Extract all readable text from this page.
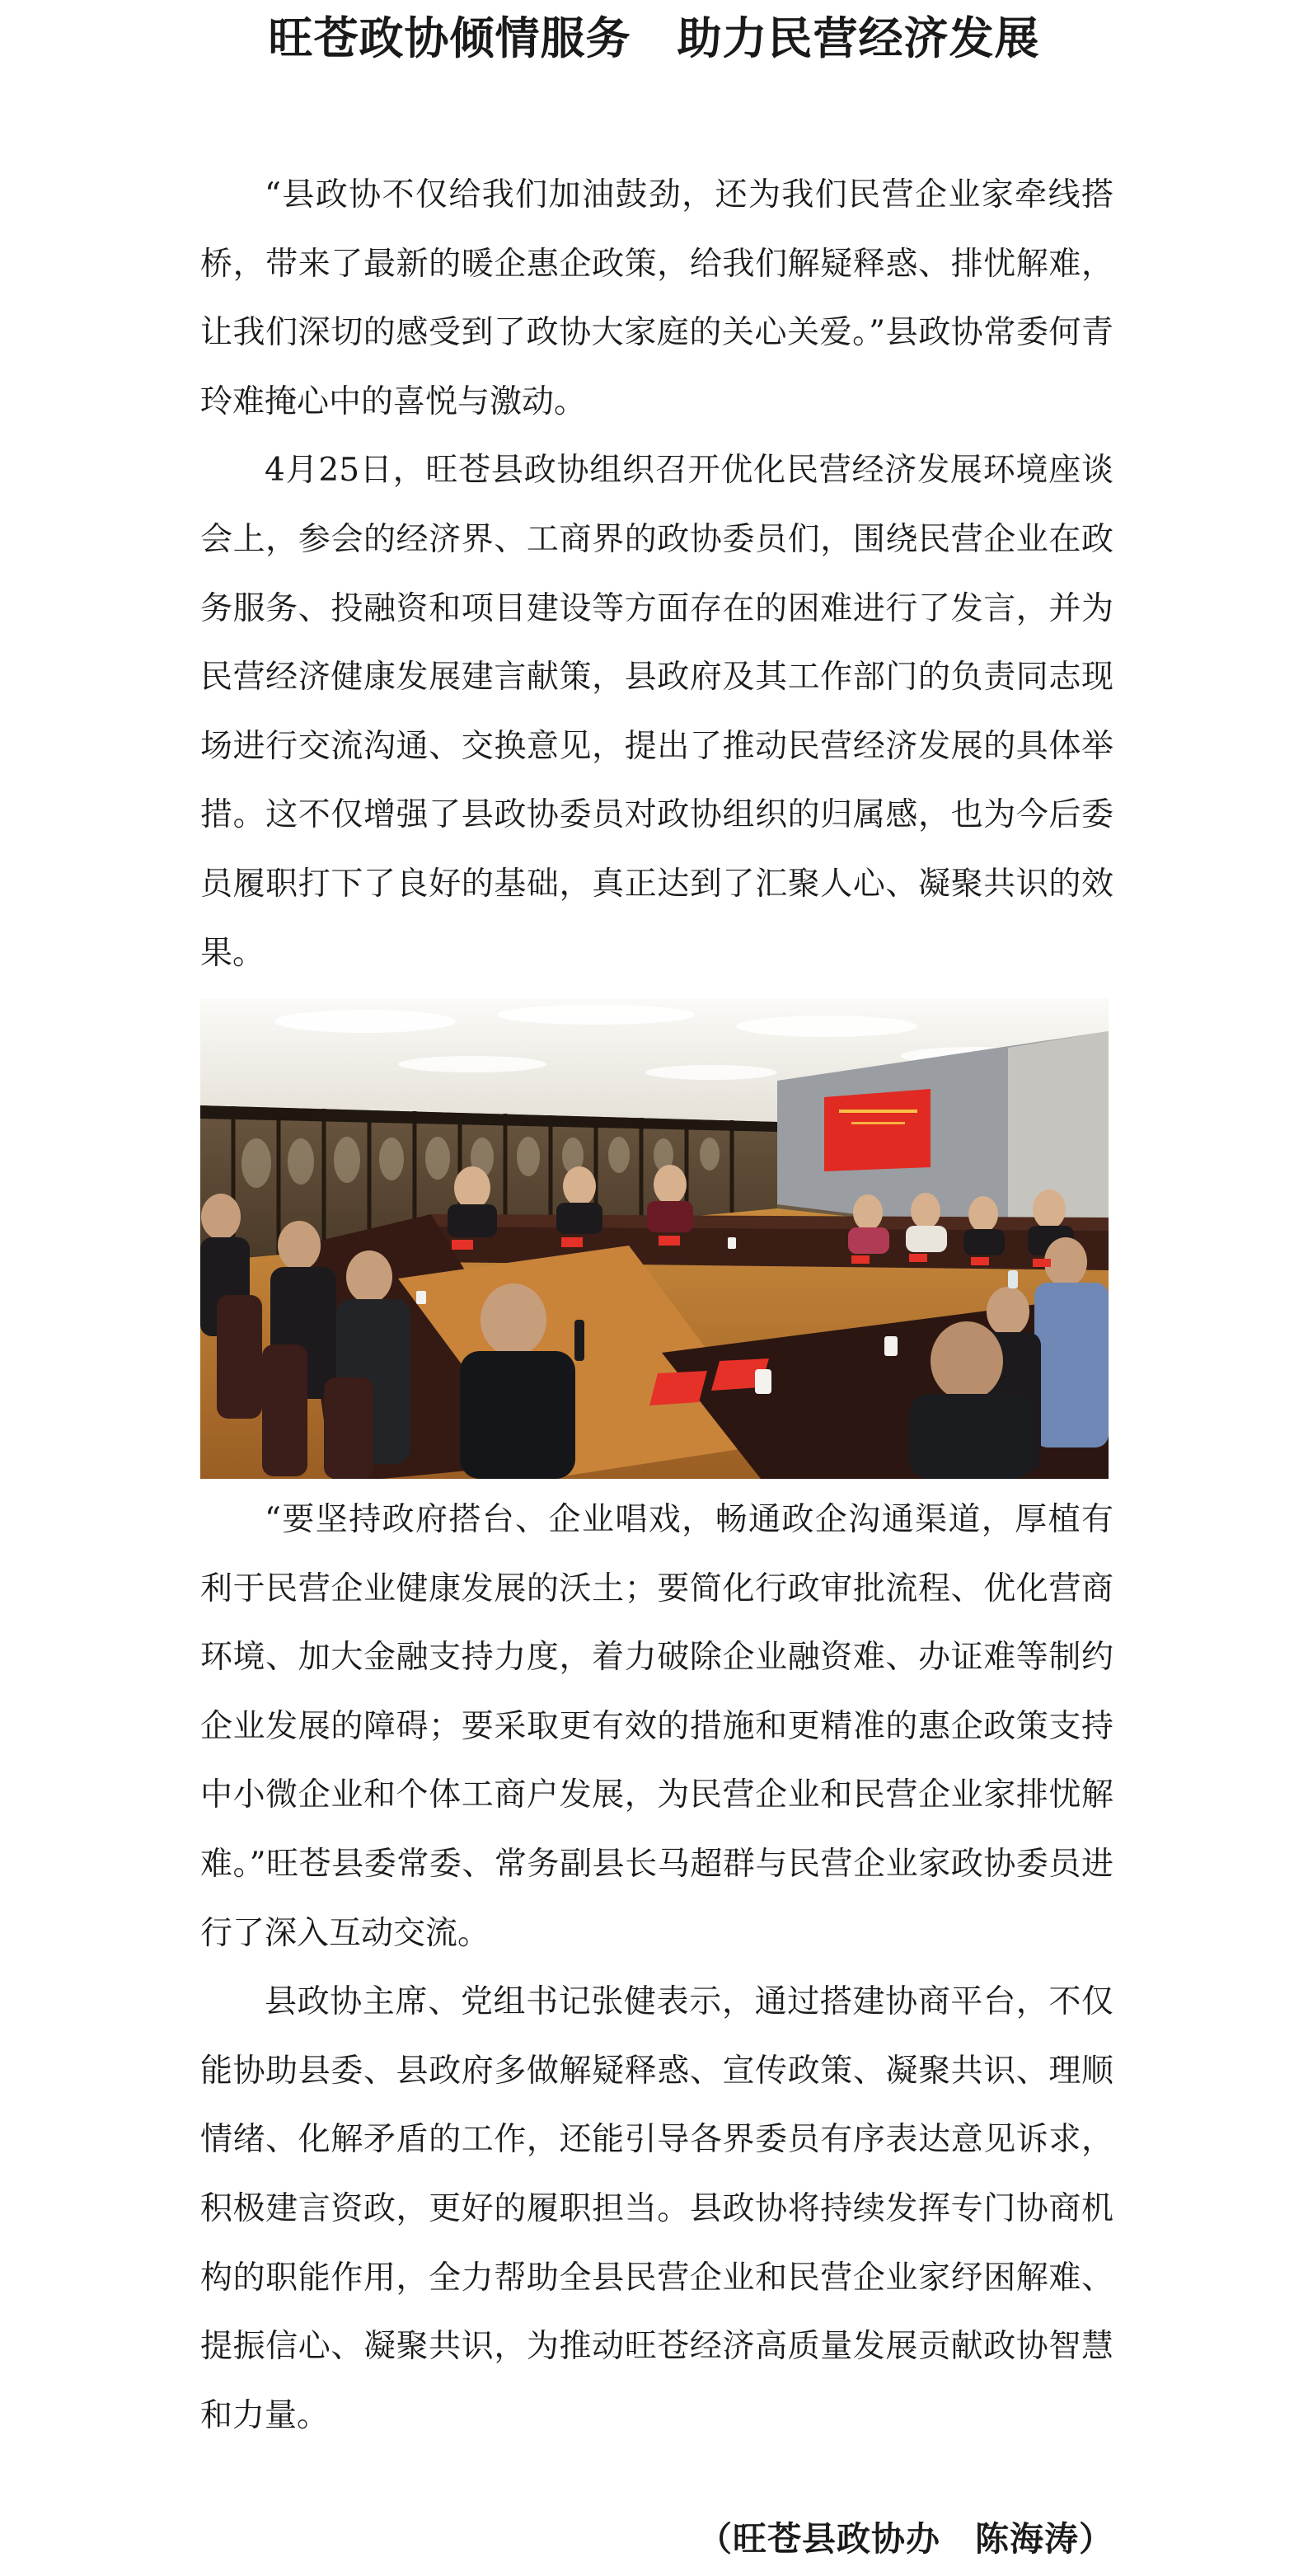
旺苍政协倾情服务 助力民营经济发展

“县政协不仅给我们加油鼓劲，还为我们民营企业家牵线搭桥，带来了最新的暖企惠企政策，给我们解疑释惑、排忧解难，让我们深切的感受到了政协大家庭的关心关爱。”县政协常委何青玲难掩心中的喜悦与激动。

4月25日，旺苍县政协组织召开优化民营经济发展环境座谈会上，参会的经济界、工商界的政协委员们，围绕民营企业在政务服务、投融资和项目建设等方面存在的困难进行了发言，并为民营经济健康发展建言献策，县政府及其工作部门的负责同志现场进行交流沟通、交换意见，提出了推动民营经济发展的具体举措。这不仅增强了县政协委员对政协组织的归属感，也为今后委员履职打下了良好的基础，真正达到了汇聚人心、凝聚共识的效果。

“要坚持政府搭台、企业唱戏，畅通政企沟通渠道，厚植有利于民营企业健康发展的沃土；要简化行政审批流程、优化营商环境、加大金融支持力度，着力破除企业融资难、办证难等制约企业发展的障碍；要采取更有效的措施和更精准的惠企政策支持中小微企业和个体工商户发展，为民营企业和民营企业家排忧解难。”旺苍县委常委、常务副县长马超群与民营企业家政协委员进行了深入互动交流。

县政协主席、党组书记张健表示，通过搭建协商平台，不仅能协助县委、县政府多做解疑释惑、宣传政策、凝聚共识、理顺情绪、化解矛盾的工作，还能引导各界委员有序表达意见诉求，积极建言资政，更好的履职担当。县政协将持续发挥专门协商机构的职能作用，全力帮助全县民营企业和民营企业家纾困解难、提振信心、凝聚共识，为推动旺苍经济高质量发展贡献政协智慧和力量。

（旺苍县政协办　陈海涛）
